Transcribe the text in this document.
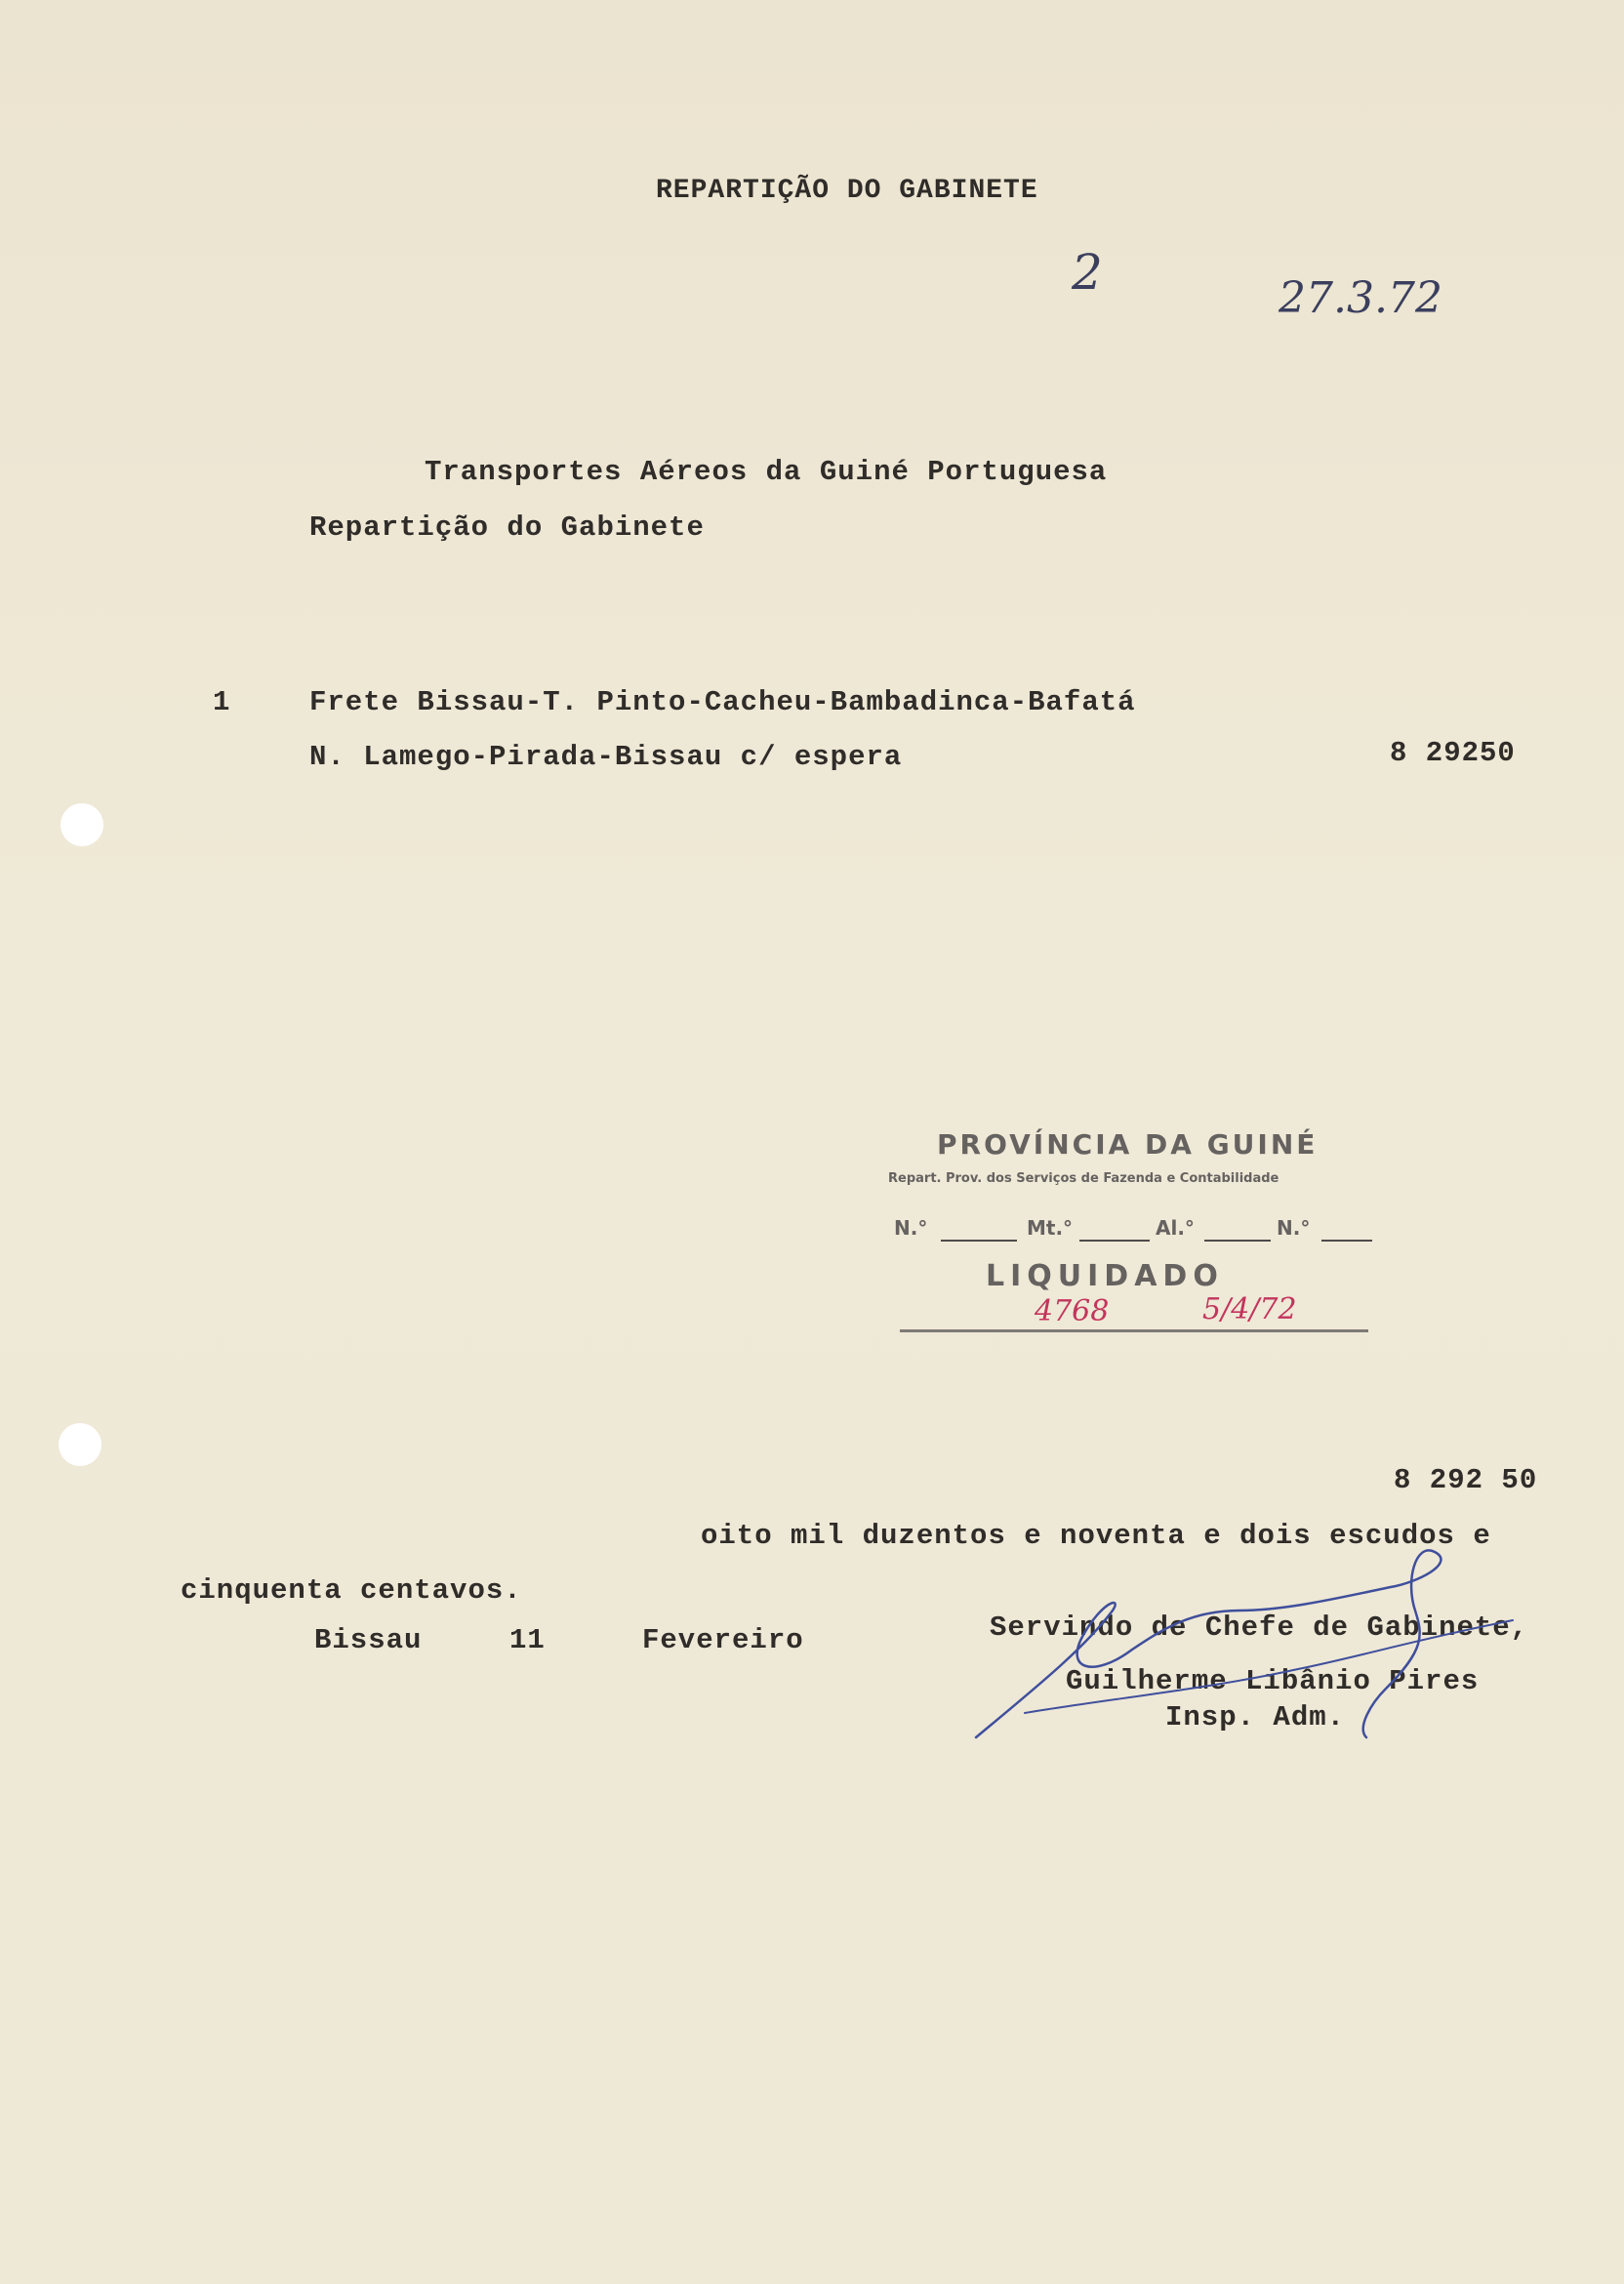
REPARTIÇÃO DO GABINETE
2	27.3.72
Transportes Aéreos da Guiné Portuguesa
Repartição do Gabinete
1	Frete Bissau-T. Pinto-Cacheu-Bambadinca-Bafatá
N. Lamego-Pirada-Bissau c/ espera	8 29250
PROVÍNCIA DA GUINÉ
Repart. Prov. dos Serviços de Fazenda e Contabilidade
N.°	Mt.°	Al.°	N.°
LIQUIDADO
4768	5/4/72
8 292 50
oito mil duzentos e noventa e dois escudos e
cinquenta centavos.
Bissau	11	Fevereiro	Servindo de Chefe de Gabinete,
Guilherme Libânio Pires
Insp. Adm.
